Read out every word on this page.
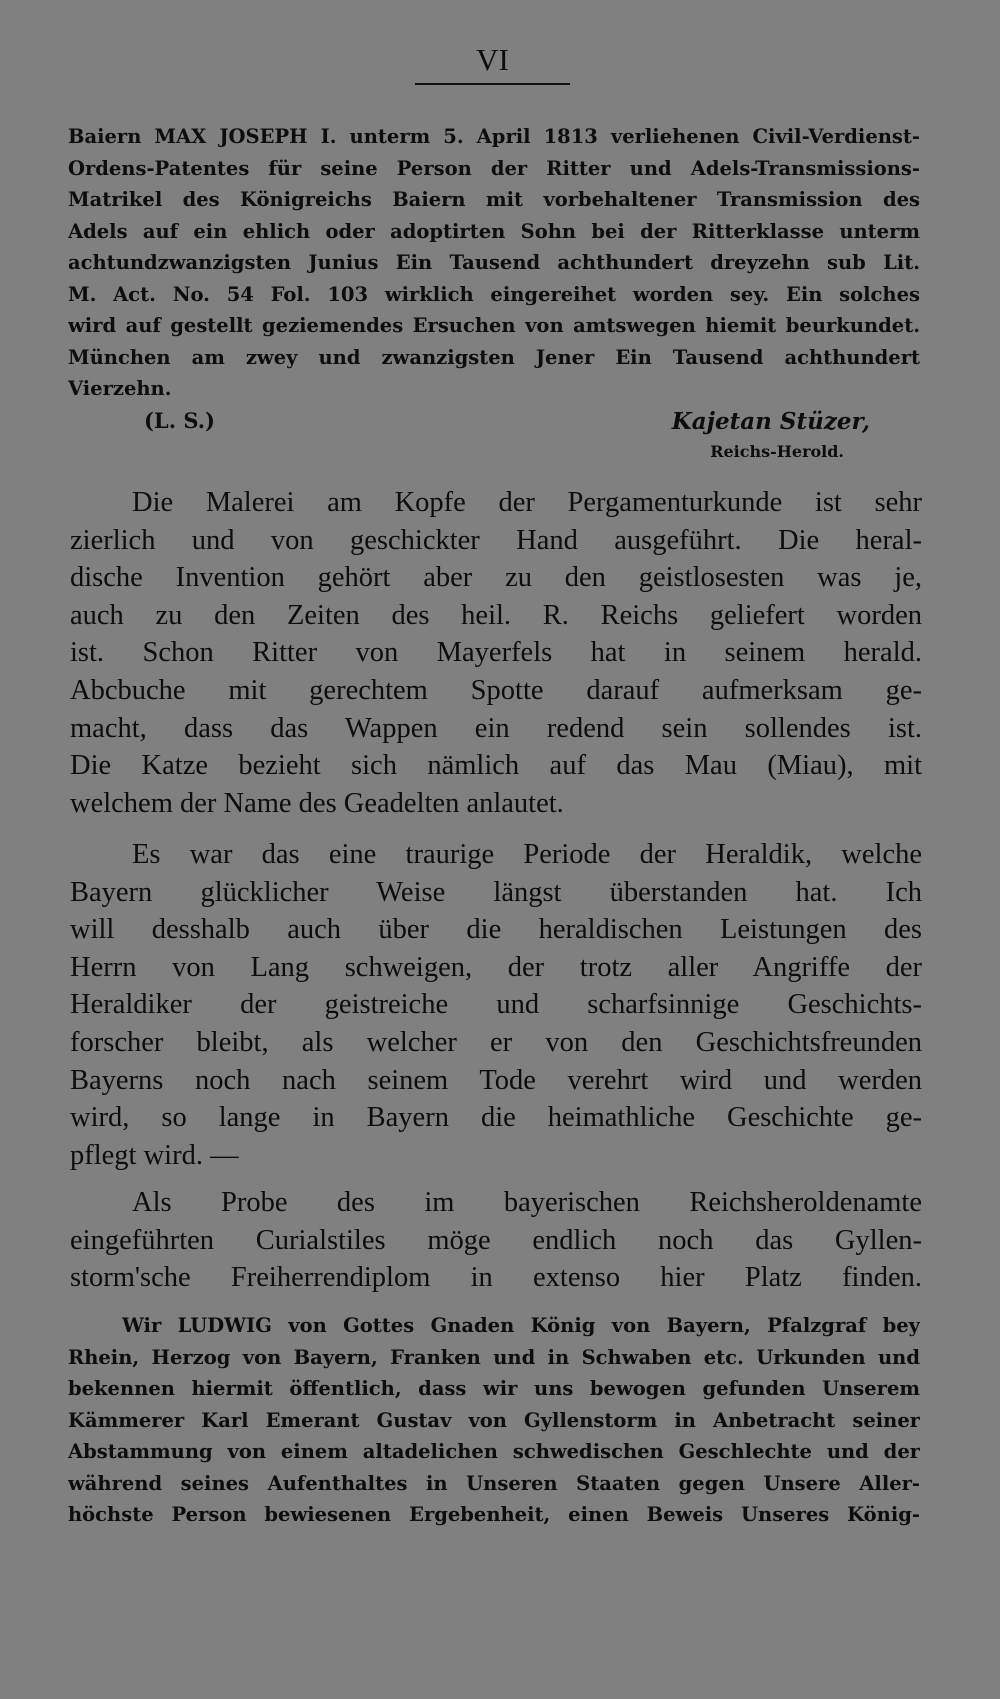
VI
Baiern MAX JOSEPH I. unterm 5. April 1813 verliehenen Civil-Verdienst-
Ordens-Patentes für seine Person der Ritter und Adels-Transmissions-
Matrikel des Königreichs Baiern mit vorbehaltener Transmission des
Adels auf ein ehlich oder adoptirten Sohn bei der Ritterklasse unterm
achtundzwanzigsten Junius Ein Tausend achthundert dreyzehn sub Lit.
M. Act. No. 54 Fol. 103 wirklich eingereihet worden sey. Ein solches
wird auf gestellt geziemendes Ersuchen von amtswegen hiemit beurkundet.
München am zwey und zwanzigsten Jener Ein Tausend achthundert
Vierzehn.
(L. S.)	Kajetan Stüzer,
Reichs-Herold.
Die Malerei am Kopfe der Pergamenturkunde ist sehr
zierlich und von geschickter Hand ausgeführt. Die heral-
dische Invention gehört aber zu den geistlosesten was je,
auch zu den Zeiten des heil. R. Reichs geliefert worden
ist. Schon Ritter von Mayerfels hat in seinem herald.
Abcbuche mit gerechtem Spotte darauf aufmerksam ge-
macht, dass das Wappen ein redend sein sollendes ist.
Die Katze bezieht sich nämlich auf das Mau (Miau), mit
welchem der Name des Geadelten anlautet.
Es war das eine traurige Periode der Heraldik, welche
Bayern glücklicher Weise längst überstanden hat. Ich
will desshalb auch über die heraldischen Leistungen des
Herrn von Lang schweigen, der trotz aller Angriffe der
Heraldiker der geistreiche und scharfsinnige Geschichts-
forscher bleibt, als welcher er von den Geschichtsfreunden
Bayerns noch nach seinem Tode verehrt wird und werden
wird, so lange in Bayern die heimathliche Geschichte ge-
pflegt wird. —
Als Probe des im bayerischen Reichsheroldenamte
eingeführten Curialstiles möge endlich noch das Gyllen-
storm'sche Freiherrendiplom in extenso hier Platz finden.
Wir LUDWIG von Gottes Gnaden König von Bayern, Pfalzgraf bey
Rhein, Herzog von Bayern, Franken und in Schwaben etc. Urkunden und
bekennen hiermit öffentlich, dass wir uns bewogen gefunden Unserem
Kämmerer Karl Emerant Gustav von Gyllenstorm in Anbetracht seiner
Abstammung von einem altadelichen schwedischen Geschlechte und der
während seines Aufenthaltes in Unseren Staaten gegen Unsere Aller-
höchste Person bewiesenen Ergebenheit, einen Beweis Unseres König-
